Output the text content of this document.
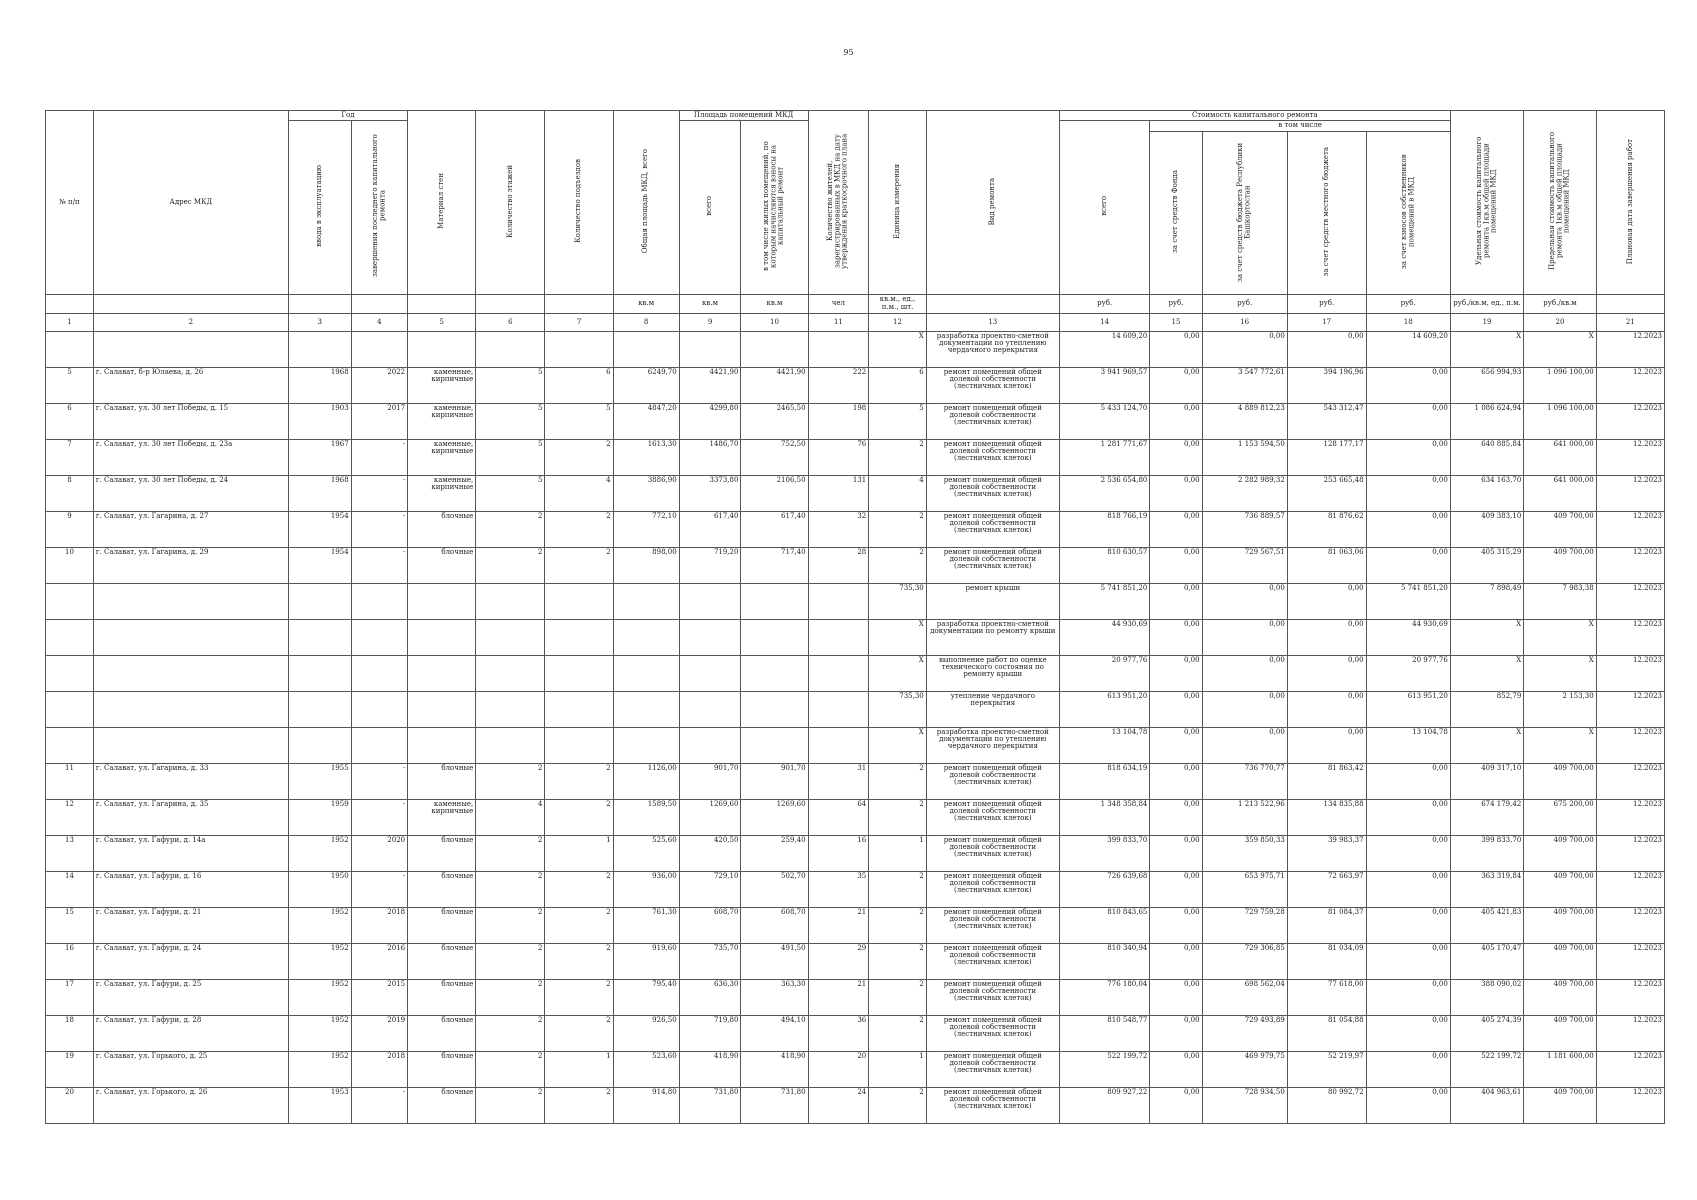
95
№ п/п	Адрес МКД	Год		Материал стен	Количество этажей	Количество подъездов	Общая площадь МКД, всего	Площадь помещений МКД		Количество жителей, зарегистрированных в МКД на дату утверждения краткосрочного плана	Единица измерения	Вид ремонта	Стоимость капитального ремонта					Удельная стоимость капитального ремонта 1кв.м общей площади помещений МКД	Предельная стоимость капитального ремонта 1кв.м общей площади помещений МКД	Плановая дата завершения работ
		ввода в эксплуатацию	завершения последнего капитального ремонта					всего	в том числе жилых помещений, по которым начисляются взносы на капитальный ремонт				всего	в том числе						
														за счет средств Фонда	за счет средств бюджета Республики Башкортостан	за счет средств местного бюджета	за счет взносов собственников помещений в МКД			
							кв.м	кв.м	кв.м	чел	кв.м., ед., п.м., шт.		руб.	руб.	руб.	руб.	руб.	руб./кв.м, ед., п.м.	руб./кв.м	
1	2	3	4	5	6	7	8	9	10	11	12	13	14	15	16	17	18	19	20	21
											X	разработка проектно-сметной документации по утеплению чердачного перекрытия	14 609,20	0,00	0,00	0,00	14 609,20	X	X	12.2023
5	г. Салават, б-р Юлаева, д. 26	1968	2022	каменные, кирпичные	5	6	6249,70	4421,90	4421,90	222	6	ремонт помещений общей долевой собственности (лестничных клеток)	3 941 969,57	0,00	3 547 772,61	394 196,96	0,00	656 994,93	1 096 100,00	12.2023
6	г. Салават, ул. 30 лет Победы, д. 15	1903	2017	каменные, кирпичные	5	5	4847,20	4299,80	2465,50	198	5	ремонт помещений общей долевой собственности (лестничных клеток)	5 433 124,70	0,00	4 889 812,23	543 312,47	0,00	1 086 624,94	1 096 100,00	12.2023
7	г. Салават, ул. 30 лет Победы, д. 23а	1967	-	каменные, кирпичные	5	2	1613,30	1486,70	752,50	76	2	ремонт помещений общей долевой собственности (лестничных клеток)	1 281 771,67	0,00	1 153 594,50	128 177,17	0,00	640 885,84	641 000,00	12.2023
8	г. Салават, ул. 30 лет Победы, д. 24	1968	-	каменные, кирпичные	5	4	3886,90	3373,80	2106,50	131	4	ремонт помещений общей долевой собственности (лестничных клеток)	2 536 654,80	0,00	2 282 989,32	253 665,48	0,00	634 163,70	641 000,00	12.2023
9	г. Салават, ул. Гагарина, д. 27	1954	-	блочные	2	2	772,10	617,40	617,40	32	2	ремонт помещений общей долевой собственности (лестничных клеток)	818 766,19	0,00	736 889,57	81 876,62	0,00	409 383,10	409 700,00	12.2023
10	г. Салават, ул. Гагарина, д. 29	1954	-	блочные	2	2	898,00	719,20	717,40	28	2	ремонт помещений общей долевой собственности (лестничных клеток)	810 630,57	0,00	729 567,51	81 063,06	0,00	405 315,29	409 700,00	12.2023
											735,30	ремонт крыши	5 741 851,20	0,00	0,00	0,00	5 741 851,20	7 898,49	7 983,38	12.2023
											X	разработка проектно-сметной документации по ремонту крыши	44 930,69	0,00	0,00	0,00	44 930,69	X	X	12.2023
											X	выполнение работ по оценке технического состояния по ремонту крыши	20 977,76	0,00	0,00	0,00	20 977,76	X	X	12.2023
											735,30	утепление чердачного перекрытия	613 951,20	0,00	0,00	0,00	613 951,20	852,79	2 153,30	12.2023
											X	разработка проектно-сметной документации по утеплению чердачного перекрытия	13 104,78	0,00	0,00	0,00	13 104,78	X	X	12.2023
11	г. Салават, ул. Гагарина, д. 33	1955	-	блочные	2	2	1126,00	901,70	901,70	31	2	ремонт помещений общей долевой собственности (лестничных клеток)	818 634,19	0,00	736 770,77	81 863,42	0,00	409 317,10	409 700,00	12.2023
12	г. Салават, ул. Гагарина, д. 35	1959	-	каменные, кирпичные	4	2	1589,50	1269,60	1269,60	64	2	ремонт помещений общей долевой собственности (лестничных клеток)	1 348 358,84	0,00	1 213 522,96	134 835,88	0,00	674 179,42	675 200,00	12.2023
13	г. Салават, ул. Гафури, д. 14а	1952	2020	блочные	2	1	525,60	420,50	259,40	16	1	ремонт помещений общей долевой собственности (лестничных клеток)	399 833,70	0,00	359 850,33	39 983,37	0,00	399 833,70	409 700,00	12.2023
14	г. Салават, ул. Гафури, д. 16	1950	-	блочные	2	2	936,00	729,10	502,70	35	2	ремонт помещений общей долевой собственности (лестничных клеток)	726 639,68	0,00	653 975,71	72 663,97	0,00	363 319,84	409 700,00	12.2023
15	г. Салават, ул. Гафури, д. 21	1952	2018	блочные	2	2	761,30	608,70	608,70	21	2	ремонт помещений общей долевой собственности (лестничных клеток)	810 843,65	0,00	729 759,28	81 084,37	0,00	405 421,83	409 700,00	12.2023
16	г. Салават, ул. Гафури, д. 24	1952	2016	блочные	2	2	919,60	735,70	491,50	29	2	ремонт помещений общей долевой собственности (лестничных клеток)	810 340,94	0,00	729 306,85	81 034,09	0,00	405 170,47	409 700,00	12.2023
17	г. Салават, ул. Гафури, д. 25	1952	2015	блочные	2	2	795,40	636,30	363,30	21	2	ремонт помещений общей долевой собственности (лестничных клеток)	776 180,04	0,00	698 562,04	77 618,00	0,00	388 090,02	409 700,00	12.2023
18	г. Салават, ул. Гафури, д. 28	1952	2019	блочные	2	2	926,50	719,80	494,10	36	2	ремонт помещений общей долевой собственности (лестничных клеток)	810 548,77	0,00	729 493,89	81 054,88	0,00	405 274,39	409 700,00	12.2023
19	г. Салават, ул. Горького, д. 25	1952	2018	блочные	2	1	523,60	418,90	418,90	20	1	ремонт помещений общей долевой собственности (лестничных клеток)	522 199,72	0,00	469 979,75	52 219,97	0,00	522 199,72	1 181 600,00	12.2023
20	г. Салават, ул. Горького, д. 26	1953	-	блочные	2	2	914,80	731,80	731,80	24	2	ремонт помещений общей долевой собственности (лестничных клеток)	809 927,22	0,00	728 934,50	80 992,72	0,00	404 963,61	409 700,00	12.2023
